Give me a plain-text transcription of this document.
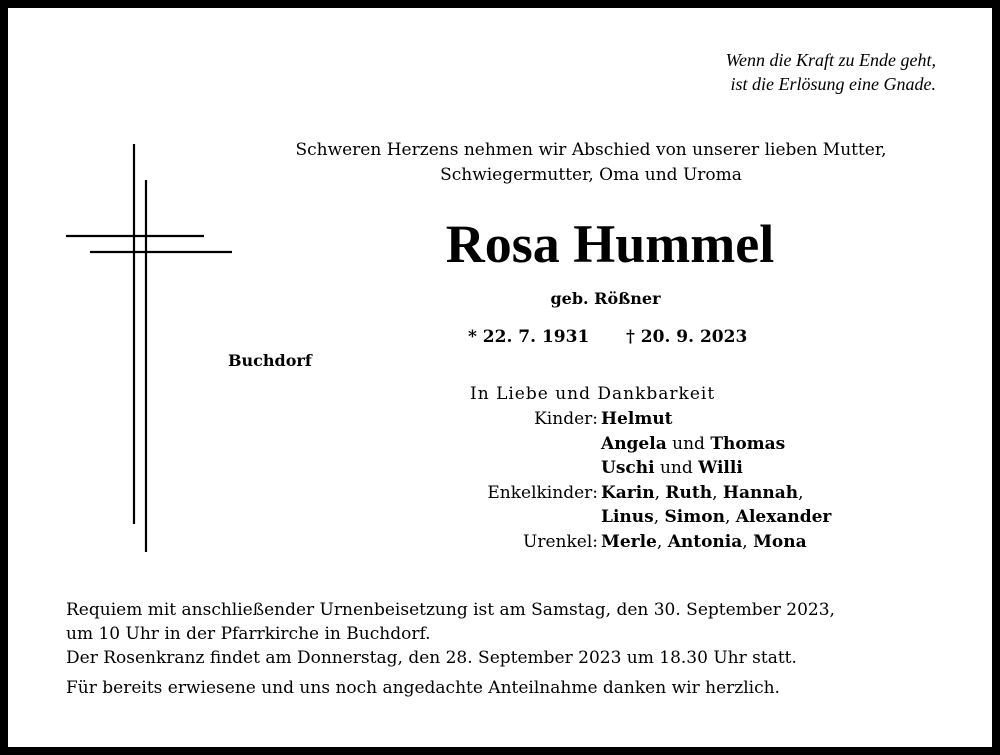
Wenn die Kraft zu Ende geht,
ist die Erlösung eine Gnade.
Schweren Herzens nehmen wir Abschied von unserer lieben Mutter,
Schwiegermutter, Oma und Uroma
Rosa Hummel
geb. Rößner
* 22. 7. 1931 † 20. 9. 2023
Buchdorf
In Liebe und Dankbarkeit
Kinder: Helmut
Angela und Thomas
Uschi und Willi
Enkelkinder: Karin, Ruth, Hannah,
Linus, Simon, Alexander
Urenkel: Merle, Antonia, Mona
Requiem mit anschließender Urnenbeisetzung ist am Samstag, den 30. September 2023,
um 10 Uhr in der Pfarrkirche in Buchdorf.
Der Rosenkranz findet am Donnerstag, den 28. September 2023 um 18.30 Uhr statt.
Für bereits erwiesene und uns noch angedachte Anteilnahme danken wir herzlich.
